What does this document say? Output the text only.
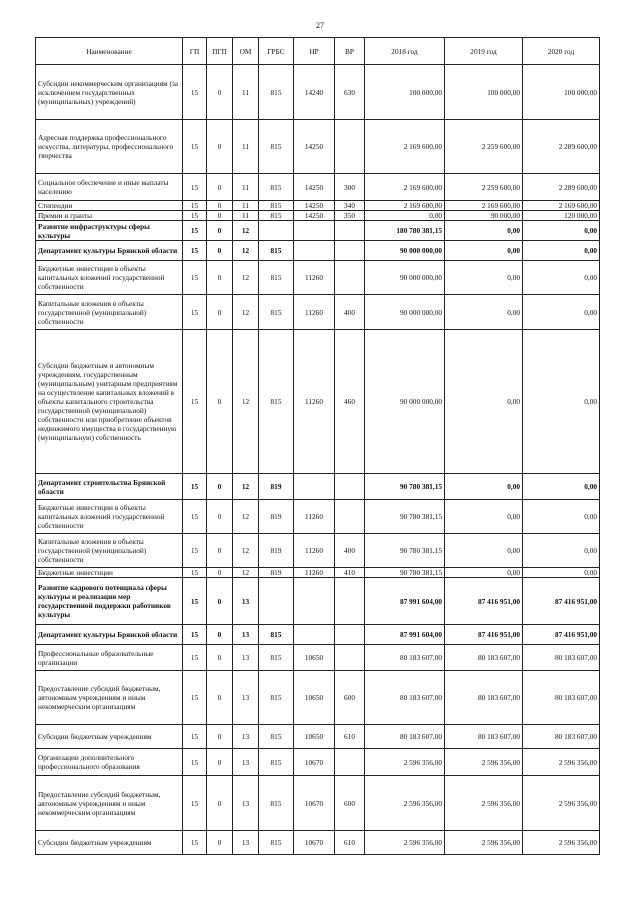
27
Наименование	ГП	ПГП	ОМ	ГРБС	НР	ВР	2018 год	2019 год	2020 год
Субсидии некоммерческим организациям (за исключением государственных (муниципальных) учреждений)	15	0	11	815	14240	630	100 000,00	100 000,00	100 000,00
Адресная поддержка профессионального искусства, литературы, профессионального творчества	15	0	11	815	14250		2 169 600,00	2 259 600,00	2 289 600,00
Социальное обеспечение и иные выплаты населению	15	0	11	815	14250	300	2 169 600,00	2 259 600,00	2 289 600,00
Стипендии	15	0	11	815	14250	340	2 169 600,00	2 169 600,00	2 169 600,00
Премии и гранты	15	0	11	815	14250	350	0,00	90 000,00	120 000,00
Развитие инфраструктуры сферы культуры	15	0	12				180 780 381,15	0,00	0,00
Департамент культуры Брянской области	15	0	12	815			90 000 000,00	0,00	0,00
Бюджетные инвестиции в объекты капитальных вложений государственной собственности	15	0	12	815	11260		90 000 000,00	0,00	0,00
Капитальные вложения в объекты государственной (муниципальной) собственности	15	0	12	815	11260	400	90 000 000,00	0,00	0,00
Субсидии бюджетным и автономным учреждениям, государственным (муниципальным) унитарным предприятиям на осуществление капитальных вложений в объекты капитального строительства государственной (муниципальной) собственности или приобретение объектов недвижимого имущества в государственную (муниципальную) собственность	15	0	12	815	11260	460	90 000 000,00	0,00	0,00
Департамент строительства Брянской области	15	0	12	819			90 780 381,15	0,00	0,00
Бюджетные инвестиции в объекты капитальных вложений государственной собственности	15	0	12	819	11260		90 780 381,15	0,00	0,00
Капитальные вложения в объекты государственной (муниципальной) собственности	15	0	12	819	11260	400	90 780 381,15	0,00	0,00
Бюджетные инвестиции	15	0	12	819	11260	410	90 780 381,15	0,00	0,00
Развитие кадрового потенциала сферы культуры и реализация мер государственной поддержки работников культуры	15	0	13				87 991 604,00	87 416 951,00	87 416 951,00
Департамент культуры Брянской области	15	0	13	815			87 991 604,00	87 416 951,00	87 416 951,00
Профессиональные образовательные организации	15	0	13	815	10650		80 183 607,00	80 183 607,00	80 183 607,00
Предоставление субсидий бюджетным, автономным учреждениям и иным некоммерческим организациям	15	0	13	815	10650	600	80 183 607,00	80 183 607,00	80 183 607,00
Субсидии бюджетным учреждениям	15	0	13	815	10650	610	80 183 607,00	80 183 607,00	80 183 607,00
Организации дополнительного профессионального образования	15	0	13	815	10670		2 596 356,00	2 596 356,00	2 596 356,00
Предоставление субсидий бюджетным, автономным учреждениям и иным некоммерческим организациям	15	0	13	815	10670	600	2 596 356,00	2 596 356,00	2 596 356,00
Субсидии бюджетным учреждениям	15	0	13	815	10670	610	2 596 356,00	2 596 356,00	2 596 356,00
